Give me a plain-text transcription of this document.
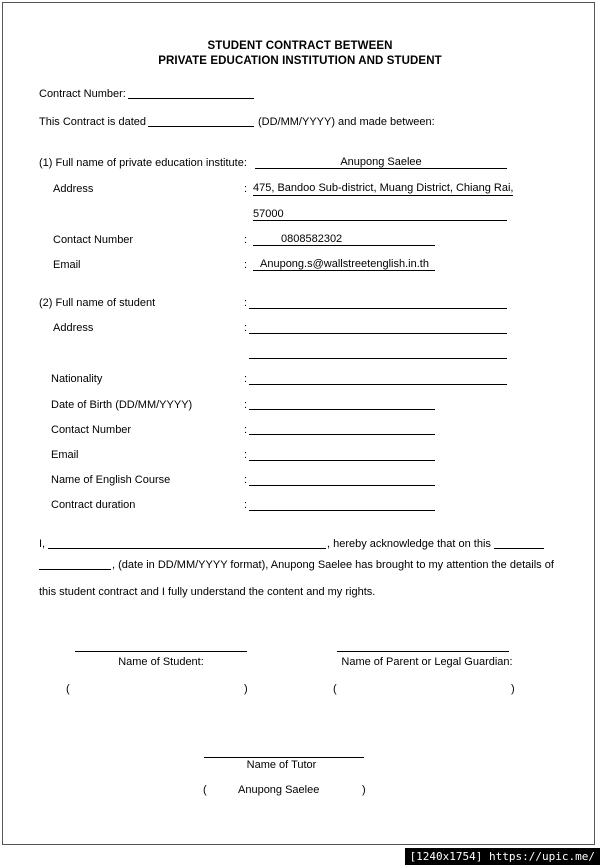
STUDENT CONTRACT BETWEEN
PRIVATE EDUCATION INSTITUTION AND STUDENT
Contract Number:
This Contract is dated	(DD/MM/YYYY) and made between:
(1) Full name of private education institute:	Anupong Saelee
Address	: 475, Bandoo Sub-district, Muang District, Chiang Rai,
57000
Contact Number	:	0808582302
Email	: Anupong.s@wallstreetenglish.in.th
(2) Full name of student	:
Address	:
Nationality	:
Date of Birth (DD/MM/YYYY)	:
Contact Number	:
Email	:
Name of English Course	:
Contract duration	:
I,	, hereby acknowledge that on this
, (date in DD/MM/YYYY format), Anupong Saelee has brought to my attention the details of
this student contract and I fully understand the content and my rights.
Name of Student:
(	)
Name of Parent or Legal Guardian:
(	)
Name of Tutor
(	Anupong Saelee	)
[1240x1754] https://upic.me/
